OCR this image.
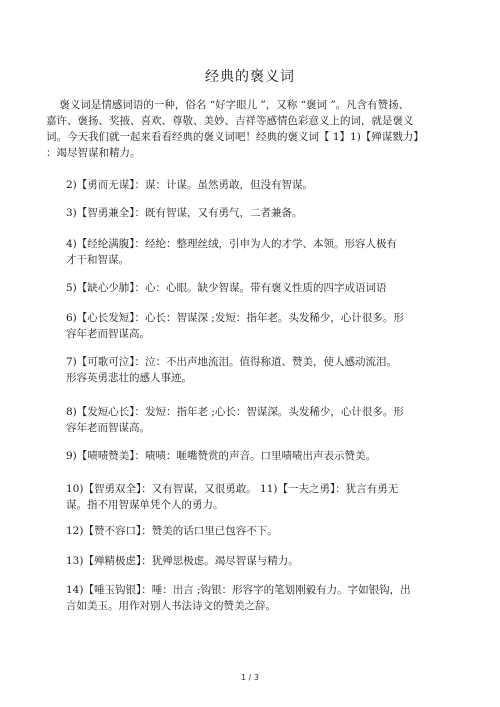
经典的褒义词

褒义词是情感词语的一种，俗名 “好字眼儿 ”，又称 “褒词 ”。凡含有赞扬、
嘉许、褒扬、奖掖、喜欢、尊敬、美妙、吉祥等感情色彩意义上的词，就是褒义
词。今天我们就一起来看看经典的褒义词吧！经典的褒义词【 1】1)【殚谋戮力】
：竭尽智谋和精力。

2)【勇而无谋】：谋：计谋。虽然勇敢，但没有智谋。

3)【智勇兼全】：既有智谋，又有勇气，二者兼备。

4)【经纶满腹】：经纶：整理丝绒，引申为人的才学、本领。形容人极有
才干和智谋。

5)【缺心少肺】：心：心眼。缺少智谋。带有褒义性质的四字成语词语

6)【心长发短】：心长：智谋深 ;发短：指年老。头发稀少，心计很多。形
容年老而智谋高。

7)【可歌可泣】：泣：不出声地流泪。值得称道、赞美，使人感动流泪。
形容英勇悲壮的感人事迹。

8)【发短心长】：发短：指年老 ;心长：智谋深。头发稀少，心计很多。形
容年老而智谋高。

9)【啧啧赞美】：啧啧：咂嘴赞赏的声音。口里啧啧出声表示赞美。

10)【智勇双全】：又有智谋，又很勇敢。 11)【一夫之勇】：犹言有勇无
谋。指不用智谋单凭个人的勇力。

12)【赞不容口】：赞美的话口里已包容不下。

13)【殚精极虑】：犹殚思极虑。竭尽智谋与精力。

14)【唾玉钩银】：唾：出言 ;钩银：形容字的笔划刚毅有力。字如银钩，出
言如美玉。用作对别人书法诗文的赞美之辞。

1 / 3
